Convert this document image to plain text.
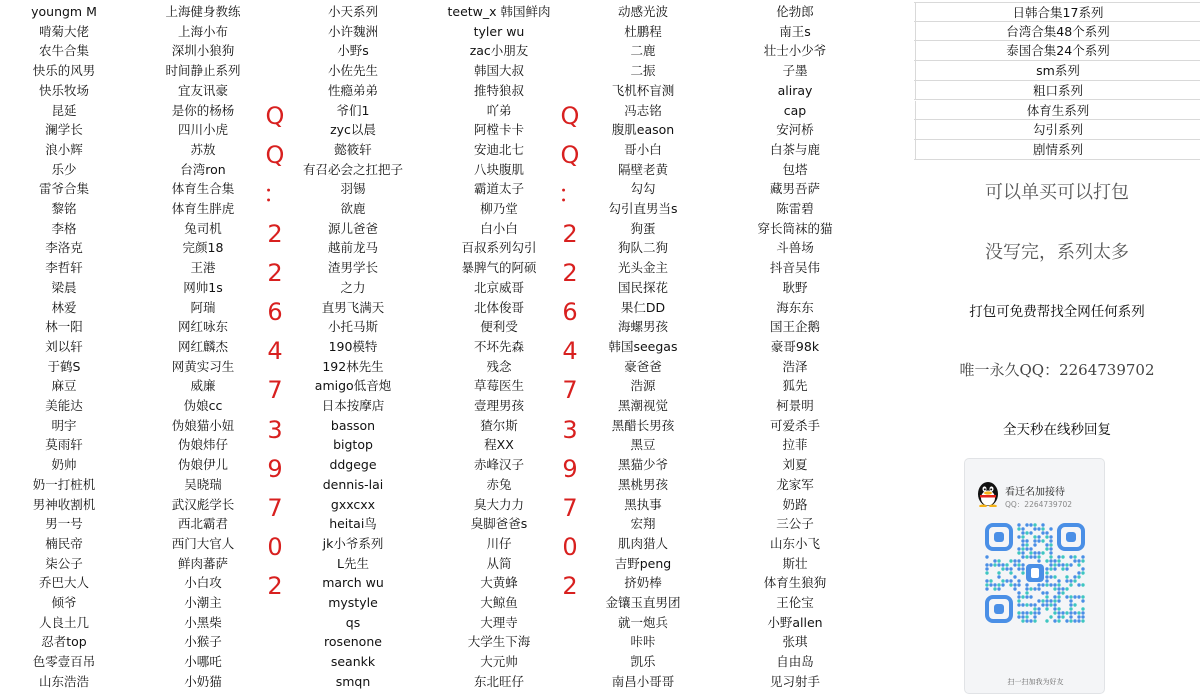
youngm M
啃菊大佬
农牛合集
快乐的风男
快乐牧场
昆延
澜学长
浪小辉
乐少
雷爷合集
黎铭
李格
李洛克
李哲轩
梁晨
林爱
林一阳
刘以轩
于鹤S
麻豆
美能达
明宇
莫雨轩
奶帅
奶一打桩机
男神收割机
男一号
楠民帝
柒公子
乔巴大人
倾爷
人良土几
忍者top
色零壹百吊
山东浩浩
上海健身教练
上海小布
深圳小狼狗
时间静止系列
宜友讯豪
是你的杨杨
四川小虎
苏敖
台湾ron
体育生合集
体育生胖虎
兔司机
完颜18
王港
网帅1s
阿瑞
网红咏东
网红麟杰
网黄实习生
威廉
伪娘cc
伪娘猫小妞
伪娘炜仔
伪娘伊儿
吴晓瑞
武汉彪学长
西北霸君
西门大官人
鲜肉蕃萨
小白攻
小潮主
小黑柴
小猴子
小哪吒
小奶猫
小天系列
小许魏洲
小野s
小佐先生
性瘾弟弟
爷们1
zyc以晨
懿筱轩
有召必会之扛把子
羽锡
欲鹿
源儿爸爸
越前龙马
渣男学长
之力
直男飞满天
小托马斯
190模特
192林先生
amigo低音炮
日本按摩店
basson
bigtop
ddgege
dennis-lai
gxxcxx
heitai鸟
jk小爷系列
L先生
march wu
mystyle
qs
rosenone
seankk
smqn
teetw_x 韩国鲜肉
tyler wu
zac小朋友
韩国大叔
推特狼叔
吖弟
阿樘卡卡
安迪北七
八块腹肌
霸道太子
柳乃堂
白小白
百叔系列勾引
暴脾气的阿硕
北京威哥
北体俊哥
便利受
不坏先森
残念
草莓医生
壹理男孩
猹尔斯
程XX
赤峰汉子
赤兔
臭大力力
臭脚爸爸s
川仔
从简
大黄蜂
大鲸鱼
大理寺
大学生下海
大元帅
东北旺仔
动感光波
杜鹏程
二鹿
二振
飞机杯盲测
冯志铭
腹肌eason
哥小白
隔壁老黄
勾勾
勾引直男当s
狗蛋
狗队二狗
光头金主
国民探花
果仁DD
海螺男孩
韩国seegas
豪爸爸
浩源
黑潮视觉
黑醋长男孩
黑豆
黑猫少爷
黑桃男孩
黑执事
宏翔
肌肉猎人
吉野peng
挤奶棒
金镶玉直男团
就一炮兵
咔咔
凯乐
南昌小哥哥
伦勃郎
南王s
壮士小少爷
子墨
aliray
cap
安河桥
白茶与鹿
包塔
藏男吾萨
陈雷碧
穿长筒袜的猫
斗兽场
抖音吴伟
耿野
海东东
国王企鹅
豪哥98k
浩泽
狐先
柯景明
可爱杀手
拉菲
刘夏
龙家军
奶路
三公子
山东小飞
斯壮
体育生狼狗
王伦宝
小野allen
张琪
自由岛
见习射手
Q
Q
：
2
2
6
4
7
3
9
7
0
2
Q
Q
：
2
2
6
4
7
3
9
7
0
2
日韩合集17系列
台湾合集48个系列
泰国合集24个系列
sm系列
粗口系列
体育生系列
勾引系列
剧情系列
可以单买可以打包
没写完，系列太多
打包可免费帮找全网任何系列
唯一永久QQ：2264739702
全天秒在线秒回复
看迁名加接待
QQ：2264739702
扫一扫加我为好友
